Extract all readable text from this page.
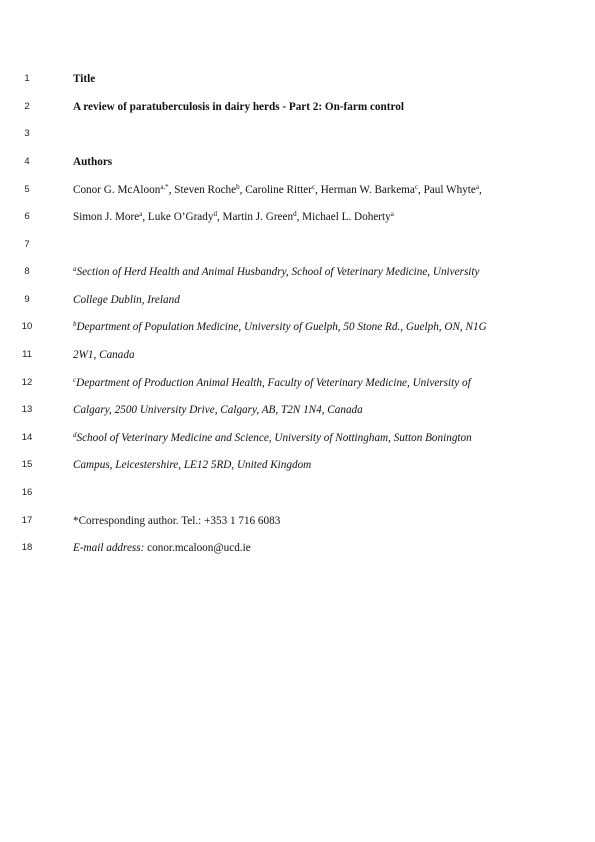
1	Title
2	A review of paratuberculosis in dairy herds - Part 2: On-farm control
3
4	Authors
5	Conor G. McAloon$^{a,*}$, Steven Roche$^b$, Caroline Ritter$^c$, Herman W. Barkema$^c$, Paul Whyte$^a$,
6	Simon J. More$^a$, Luke O’Grady$^d$, Martin J. Green$^d$, Michael L. Doherty$^a$
7
8	$^a$Section of Herd Health and Animal Husbandry, School of Veterinary Medicine, University
9	College Dublin, Ireland
10	$^b$Department of Population Medicine, University of Guelph, 50 Stone Rd., Guelph, ON, N1G
11	2W1, Canada
12	$^c$Department of Production Animal Health, Faculty of Veterinary Medicine, University of
13	Calgary, 2500 University Drive, Calgary, AB, T2N 1N4, Canada
14	$^d$School of Veterinary Medicine and Science, University of Nottingham, Sutton Bonington
15	Campus, Leicestershire, LE12 5RD, United Kingdom
16
17	*Corresponding author. Tel.: +353 1 716 6083
18	E-mail address: conor.mcaloon@ucd.ie
